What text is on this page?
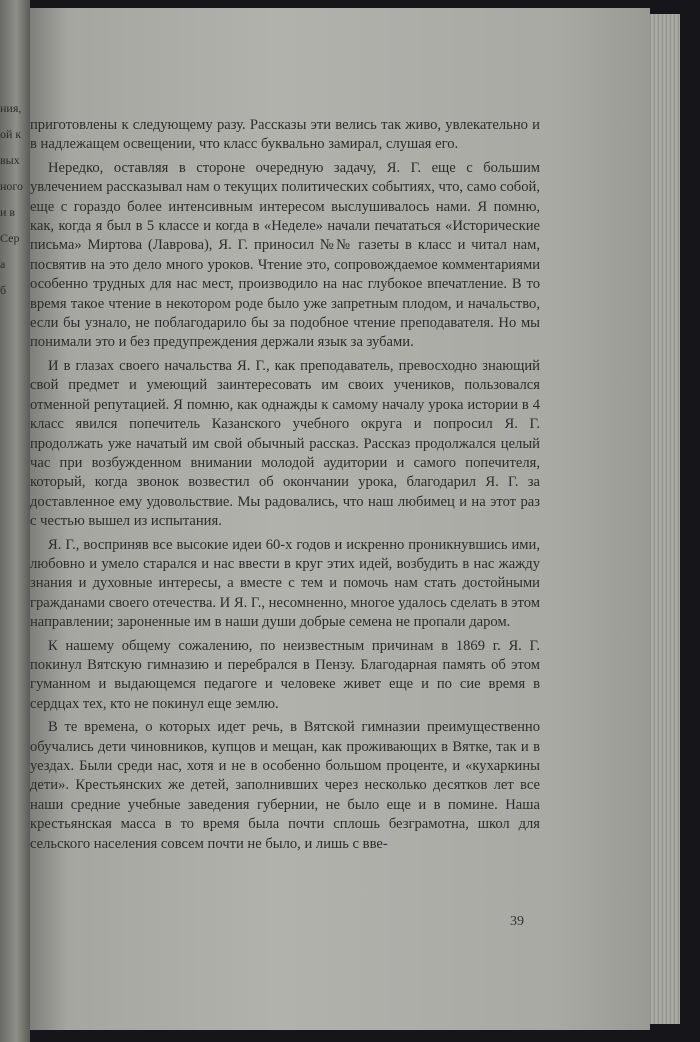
ния,
ой к
вых
ного
и в
Сер
а
б

приготовлены к следующему разу. Рассказы эти велись так живо, увлекательно и в надлежащем освещении, что класс буквально замирал, слушая его.

Нередко, оставляя в стороне очередную задачу, Я. Г. еще с большим увлечением рассказывал нам о текущих политических событиях, что, само собой, еще с гораздо более интенсивным интересом выслушивалось нами. Я помню, как, когда я был в 5 классе и когда в «Неделе» начали печататься «Исторические письма» Миртова (Лаврова), Я. Г. приносил №№ газеты в класс и читал нам, посвятив на это дело много уроков. Чтение это, сопровождаемое комментариями особенно трудных для нас мест, производило на нас глубокое впечатление. В то время такое чтение в некотором роде было уже запретным плодом, и начальство, если бы узнало, не поблагодарило бы за подобное чтение преподавателя. Но мы понимали это и без предупреждения держали язык за зубами.

И в глазах своего начальства Я. Г., как преподаватель, превосходно знающий свой предмет и умеющий заинтересовать им своих учеников, пользовался отменной репутацией. Я помню, как однажды к самому началу урока истории в 4 класс явился попечитель Казанского учебного округа и попросил Я. Г. продолжать уже начатый им свой обычный рассказ. Рассказ продолжался целый час при возбужденном внимании молодой аудитории и самого попечителя, который, когда звонок возвестил об окончании урока, благодарил Я. Г. за доставленное ему удовольствие. Мы радовались, что наш любимец и на этот раз с честью вышел из испытания.

Я. Г., восприняв все высокие идеи 60-х годов и искренно проникнувшись ими, любовно и умело старался и нас ввести в круг этих идей, возбудить в нас жажду знания и духовные интересы, а вместе с тем и помочь нам стать достойными гражданами своего отечества. И Я. Г., несомненно, многое удалось сделать в этом направлении; зароненные им в наши души добрые семена не пропали даром.

К нашему общему сожалению, по неизвестным причинам в 1869 г. Я. Г. покинул Вятскую гимназию и перебрался в Пензу. Благодарная память об этом гуманном и выдающемся педагоге и человеке живет еще и по сие время в сердцах тех, кто не покинул еще землю.

В те времена, о которых идет речь, в Вятской гимназии преимущественно обучались дети чиновников, купцов и мещан, как проживающих в Вятке, так и в уездах. Были среди нас, хотя и не в особенно большом проценте, и «кухаркины дети». Крестьянских же детей, заполнивших через несколько десятков лет все наши средние учебные заведения губернии, не было еще и в помине. Наша крестьянская масса в то время была почти сплошь безграмотна, школ для сельского населения совсем почти не было, и лишь с вве-

39
